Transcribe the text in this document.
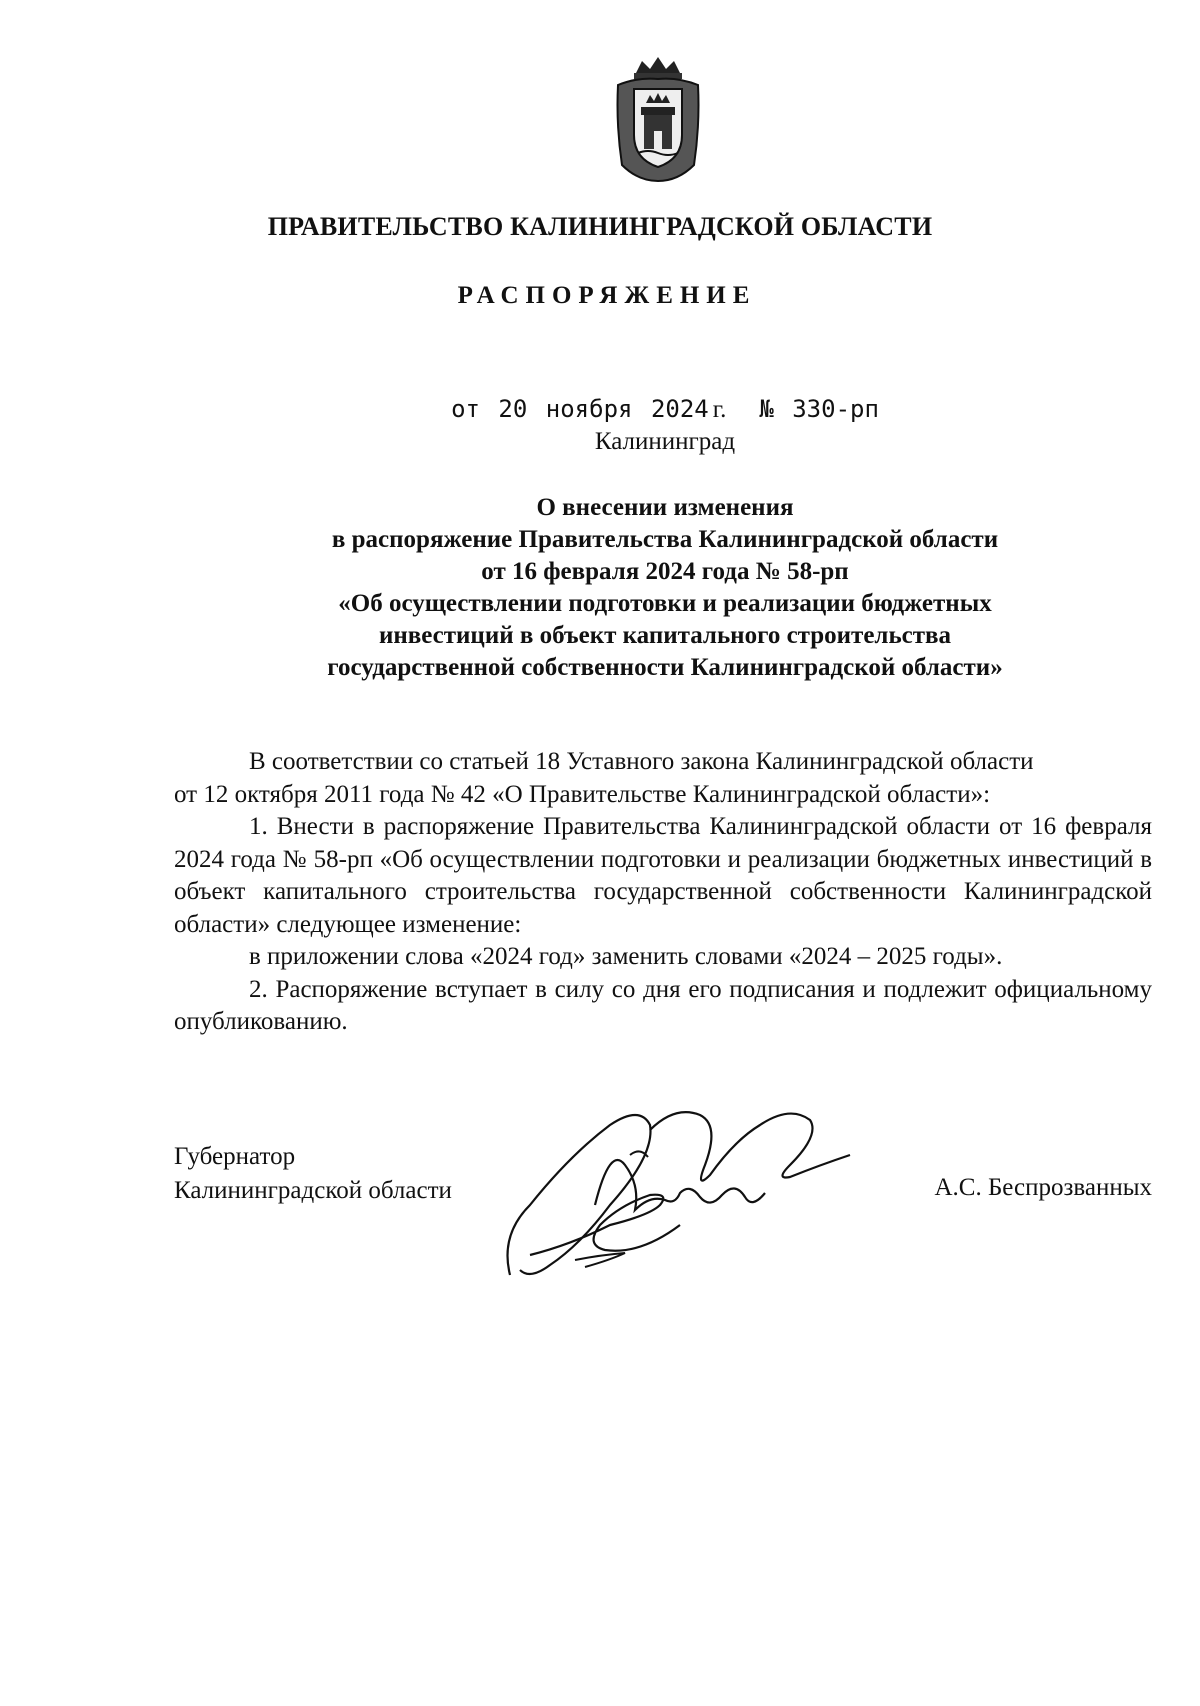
ПРАВИТЕЛЬСТВО КАЛИНИНГРАДСКОЙ ОБЛАСТИ
РАСПОРЯЖЕНИЕ
от 20 ноября 2024 г. № 330-рп
Калининград
О внесении изменения
в распоряжение Правительства Калининградской области
от 16 февраля 2024 года № 58-рп
«Об осуществлении подготовки и реализации бюджетных
инвестиций в объект капитального строительства
государственной собственности Калининградской области»

В соответствии со статьей 18 Уставного закона Калининградской области

от 12 октября 2011 года № 42 «О Правительстве Калининградской области»:

1. Внести в распоряжение Правительства Калининградской области от 16 февраля 2024 года № 58-рп «Об осуществлении подготовки и реализации бюджетных инвестиций в объект капитального строительства государственной собственности Калининградской области» следующее изменение:

в приложении слова «2024 год» заменить словами «2024 – 2025 годы».

2. Распоряжение вступает в силу со дня его подписания и подлежит официальному опубликованию.

Губернатор
Калининградской области	А.С. Беспрозванных
